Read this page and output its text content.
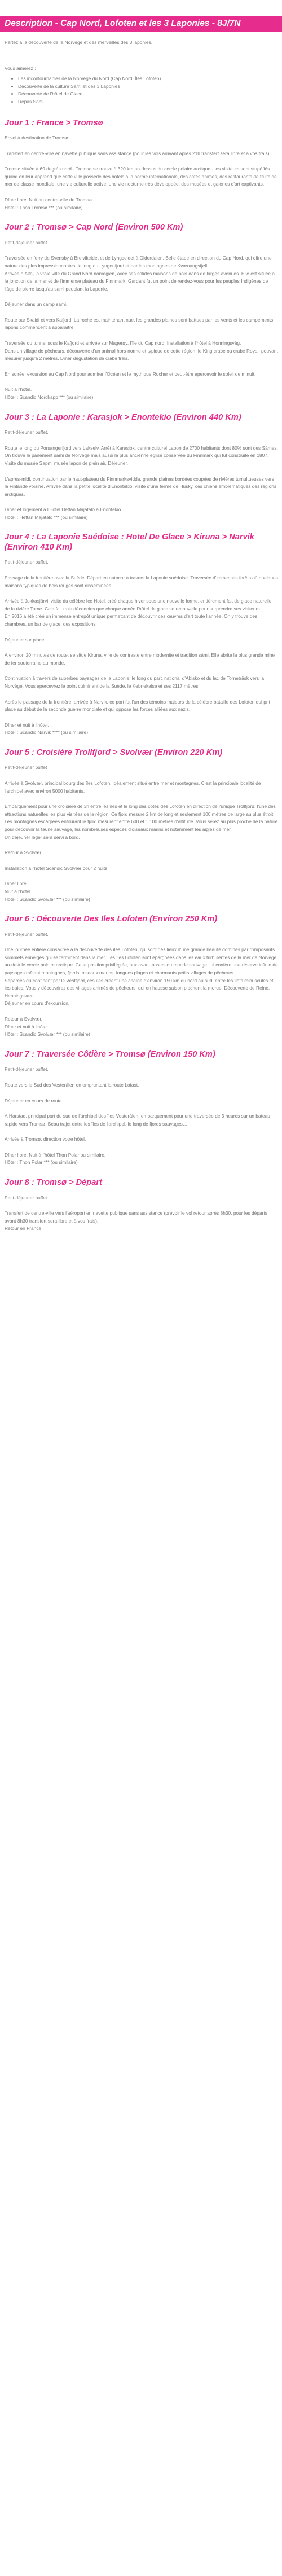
Description - Cap Nord, Lofoten et les 3 Laponies - 8J/7N

Partez à la découverte de la Norvège et des merveilles des 3 laponies.

Vous aimerez :

• Les incontournables de la Norvège du Nord (Cap Nord, Îles Lofoten)
• Découverte de la culture Sami et des 3 Laponies
• Découverte de l'hôtel de Glace
• Repas Sami
Jour 1 : France > Tromsø

Envol à destination de Tromsø.

Transfert en centre-ville en navette publique sans assistance (pour les vols arrivant après 21h transfert sera libre et à vos frais).

Tromsø située à 69 degrés nord - Tromsø se trouve à 320 km au-dessus du cercle polaire arctique - les visiteurs sont stupéfiés quand on leur apprend que cette ville possède des hôtels à la norme internationale, des cafés animés, des restaurants de fruits de mer de classe mondiale, une vie culturelle active, une vie nocturne très développée, des musées et galeries d'art captivants.

Dîner libre. Nuit au centre-ville de Tromsø.
Hôtel : Thon Tromsø *** (ou similaire)

Jour 2 : Tromsø > Cap Nord (Environ 500 Km)

Petit-déjeuner buffet.

Traversée en ferry de Svensby à Breivikeidet et de Lyngseidet à Olderdalen. Belle étape en direction du Cap Nord, qui offre une nature des plus impressionnantes, le long du Lyngenfjord et par les montagnes de Kvænangsfjell.
Arrivée à Alta, la vraie ville du Grand Nord norvégien, avec ses solides maisons de bois dans de larges avenues. Elle est située à la jonction de la mer et de l'immense plateau du Finnmark. Gardant fut un point de rendez-vous pour les peuples Indigènes de l'âge de pierre jusqu'au sami peuplant la Laponie.

Déjeuner dans un camp sami.

Route par Skaidi et vers Kafjord. La roche est maintenant nue, les grandes plaines sont battues par les vents et les campements lapons commencent à apparaître.

Traversée du tunnel sous le Kafjord et arrivée sur Magerøy, l'île du Cap nord. Installation à l'hôtel à Honningsvåg.
Dans un village de pêcheurs, découverte d'un animal hors-norme et typique de cette région, le King crabe ou crabe Royal, pouvant mesurer jusqu'à 2 mètres. Dîner dégustation de crabe frais.

En soirée, excursion au Cap Nord pour admirer l'Océan et le mythique Rocher et peut-être apercevoir le soleil de minuit.

Nuit à l'hôtel.
Hôtel : Scandic Nordkapp *** (ou similaire)

Jour 3 : La Laponie : Karasjok > Enontekio (Environ 440 Km)

Petit-déjeuner buffet.

Route le long du Porsangerfjord vers Lakselv. Arrêt à Karasjok, centre culturel Lapon de 2700 habitants dont 80% sont des Sámes. On trouve le parlement sami de Norvège mais aussi la plus ancienne église conservée du Finnmark qui fut construite en 1807. Visite du musée Sapmi musée lapon de plein air. Déjeuner.

L'après-midi, continuation par le haut-plateau du Finnmarksvidda, grande plaines bordées coupées de rivières tumultueuses vers la Finlande voisine. Arrivée dans la petite localité d'Enontekiö, visite d'une ferme de Husky, ces chiens emblématiques des régions arctiques.

Dîner et logement à l'Hôtel Hettan Majatalo à Enontekio.
Hôtel : Hettan Majatalo *** (ou similaire)

Jour 4 : La Laponie Suédoise : Hotel De Glace > Kiruna > Narvik (Environ 410 Km)

Petit-déjeuner buffet.

Passage de la frontière avec la Suède. Départ en autocar à travers la Laponie suédoise. Traversée d'immenses forêts où quelques maisons typiques de bois rouges sont disséminées.

Arrivée à Jukkasjärvi, visite du célèbre Ice Hotel, créé chaque hiver sous une nouvelle forme, entièrement fait de glace naturelle de la rivière Torne. Cela fait trois décennies que chaque année l'hôtel de glace se renouvelle pour surprendre ses visiteurs.
En 2016 a été créé un immense entrepôt unique permettant de découvrir ces œuvres d'art toute l'année. On y trouve des chambres, un bar de glace, des expositions.

Déjeuner sur place.

À environ 20 minutes de route, se situe Kiruna, ville de contraste entre modernité et tradition sámi. Elle abrite la plus grande mine de fer souterraine au monde.

Continuation à travers de superbes paysages de la Laponie, le long du parc national d'Abisko et du lac de Torneträsk vers la Norvège. Vous apercevrez le point culminant de la Suède, le Kebnekaise et ses 2117 mètres.

Après le passage de la frontière, arrivée à Narvik, ce port fut l'un des témoins majeurs de la célèbre bataille des Lofoten qui prit place au début de la seconde guerre mondiale et qui opposa les forces alliées aux nazis.

Dîner et nuit à l'hôtel.
Hôtel : Scandic Narvik **** (ou similaire)

Jour 5 : Croisière Trollfjord > Svolvær (Environ 220 Km)

Petit-déjeuner buffet

Arrivée à Svolvær, principal bourg des îles Lofoten, idéalement situé entre mer et montagnes. C'est la principale localité de l'archipel avec environ 5000 habitants.

Embarquement pour une croisière de 3h entre les îles et le long des côtes des Lofoten en direction de l'unique Trollfjord, l'une des attractions naturelles les plus visitées de la région. Ce fjord mesure 2 km de long et seulement 100 mètres de large au plus étroit. Les montagnes escarpées entourant le fjord mesurent entre 600 et 1 100 mètres d'altitude. Vous serez au plus proche de la nature pour découvrir la faune sauvage, les nombreuses espèces d'oiseaux marins et notamment les aigles de mer.
Un déjeuner léger sera servi à bord.

Retour à Svolvær

Installation à l'hôtel Scandic Svolvær pour 2 nuits.

Dîner libre
Nuit à l'hôtel.
Hôtel : Scandic Svolvær *** (ou similaire)

Jour 6 : Découverte Des Iles Lofoten (Environ 250 Km)

Petit-déjeuner buffet.

Une journée entière consacrée à la découverte des îles Lofoten, qui sont des lieux d'une grande beauté dominés par d'imposants sommets enneigés qui se terminent dans la mer. Les îles Lofoten sont épargnées dans les eaux turbulentes de la mer de Norvège, au-delà le cercle polaire arctique. Cette position privilégiée, aux avant-postes du monde sauvage, lui confère une réserve infinie de paysages mêlant montagnes, fjords, oiseaux marins, longues plages et charmants petits villages de pêcheurs.
Séparées du continent par le Vestfjord, ces îles créent une chaîne d'environ 150 km du nord au sud, entre les îlots minuscules et les baies. Vous y découvrirez des villages animés de pêcheurs, qui en hausse saison piochent la morue. Découverte de Reine, Henningsvær…
Déjeuner en cours d'excursion.

Retour à Svolvær.
Dîner et nuit à l'hôtel.
Hôtel : Scandic Svolvær *** (ou similaire)

Jour 7 : Traversée Côtière > Tromsø (Environ 150 Km)

Petit-déjeuner buffet.

Route vers le Sud des Vesterålen en empruntant la route Lofast.

Déjeuner en cours de route.

À Harstad, principal port du sud de l'archipel des îles Vesterålen, embarquement pour une traversée de 3 heures sur un bateau rapide vers Tromsø. Beau trajet entre les îles de l'archipel, le long de fjords sauvages…

Arrivée à Tromsø, direction votre hôtel.

Dîner libre. Nuit à l'hôtel Thon Polar ou similaire.
Hôtel : Thon Polar *** (ou similaire)

Jour 8 : Tromsø > Départ

Petit-déjeuner buffet.

Transfert de centre-ville vers l'aéroport en navette publique sans assistance (prévoir le vol retour après 8h30, pour les départs avant 8h30 transfert sera libre et à vos frais).
Retour en France
